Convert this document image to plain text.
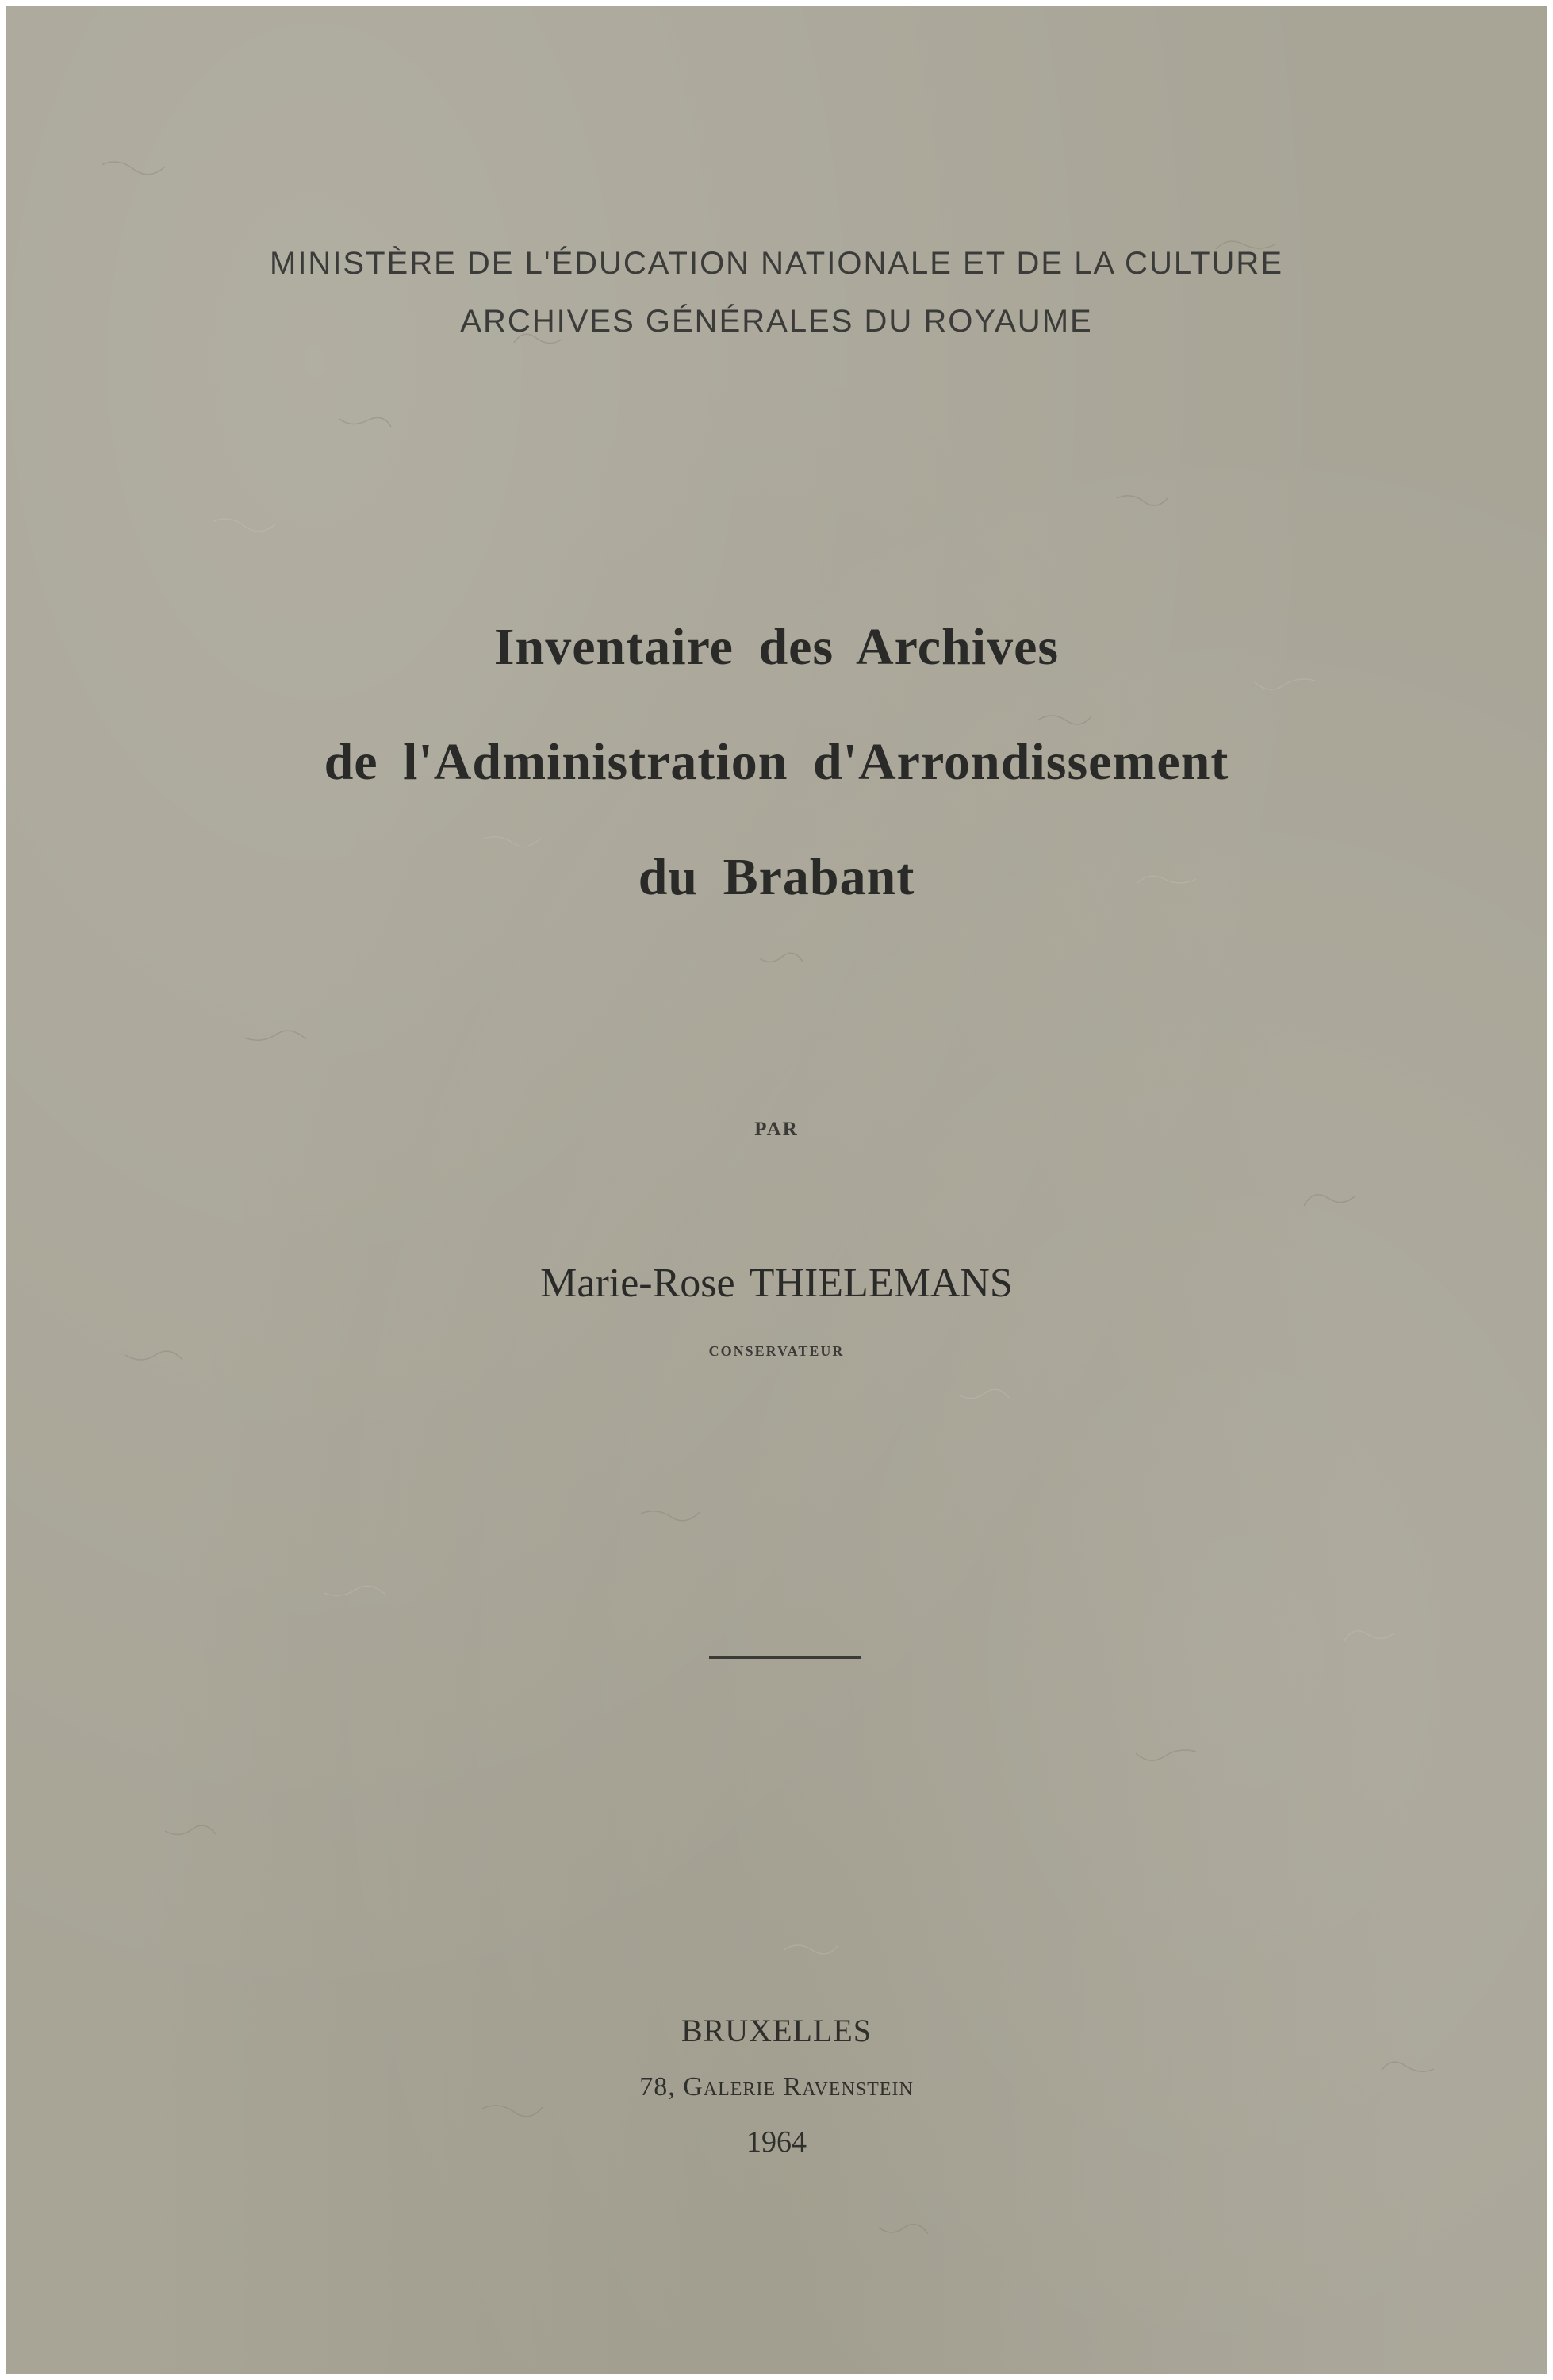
MINISTÈRE DE L'ÉDUCATION NATIONALE ET DE LA CULTURE
ARCHIVES GÉNÉRALES DU ROYAUME
Inventaire des Archives
de l'Administration d'Arrondissement
du Brabant
PAR
Marie-Rose THIELEMANS
CONSERVATEUR
BRUXELLES
78, Galerie Ravenstein
1964
